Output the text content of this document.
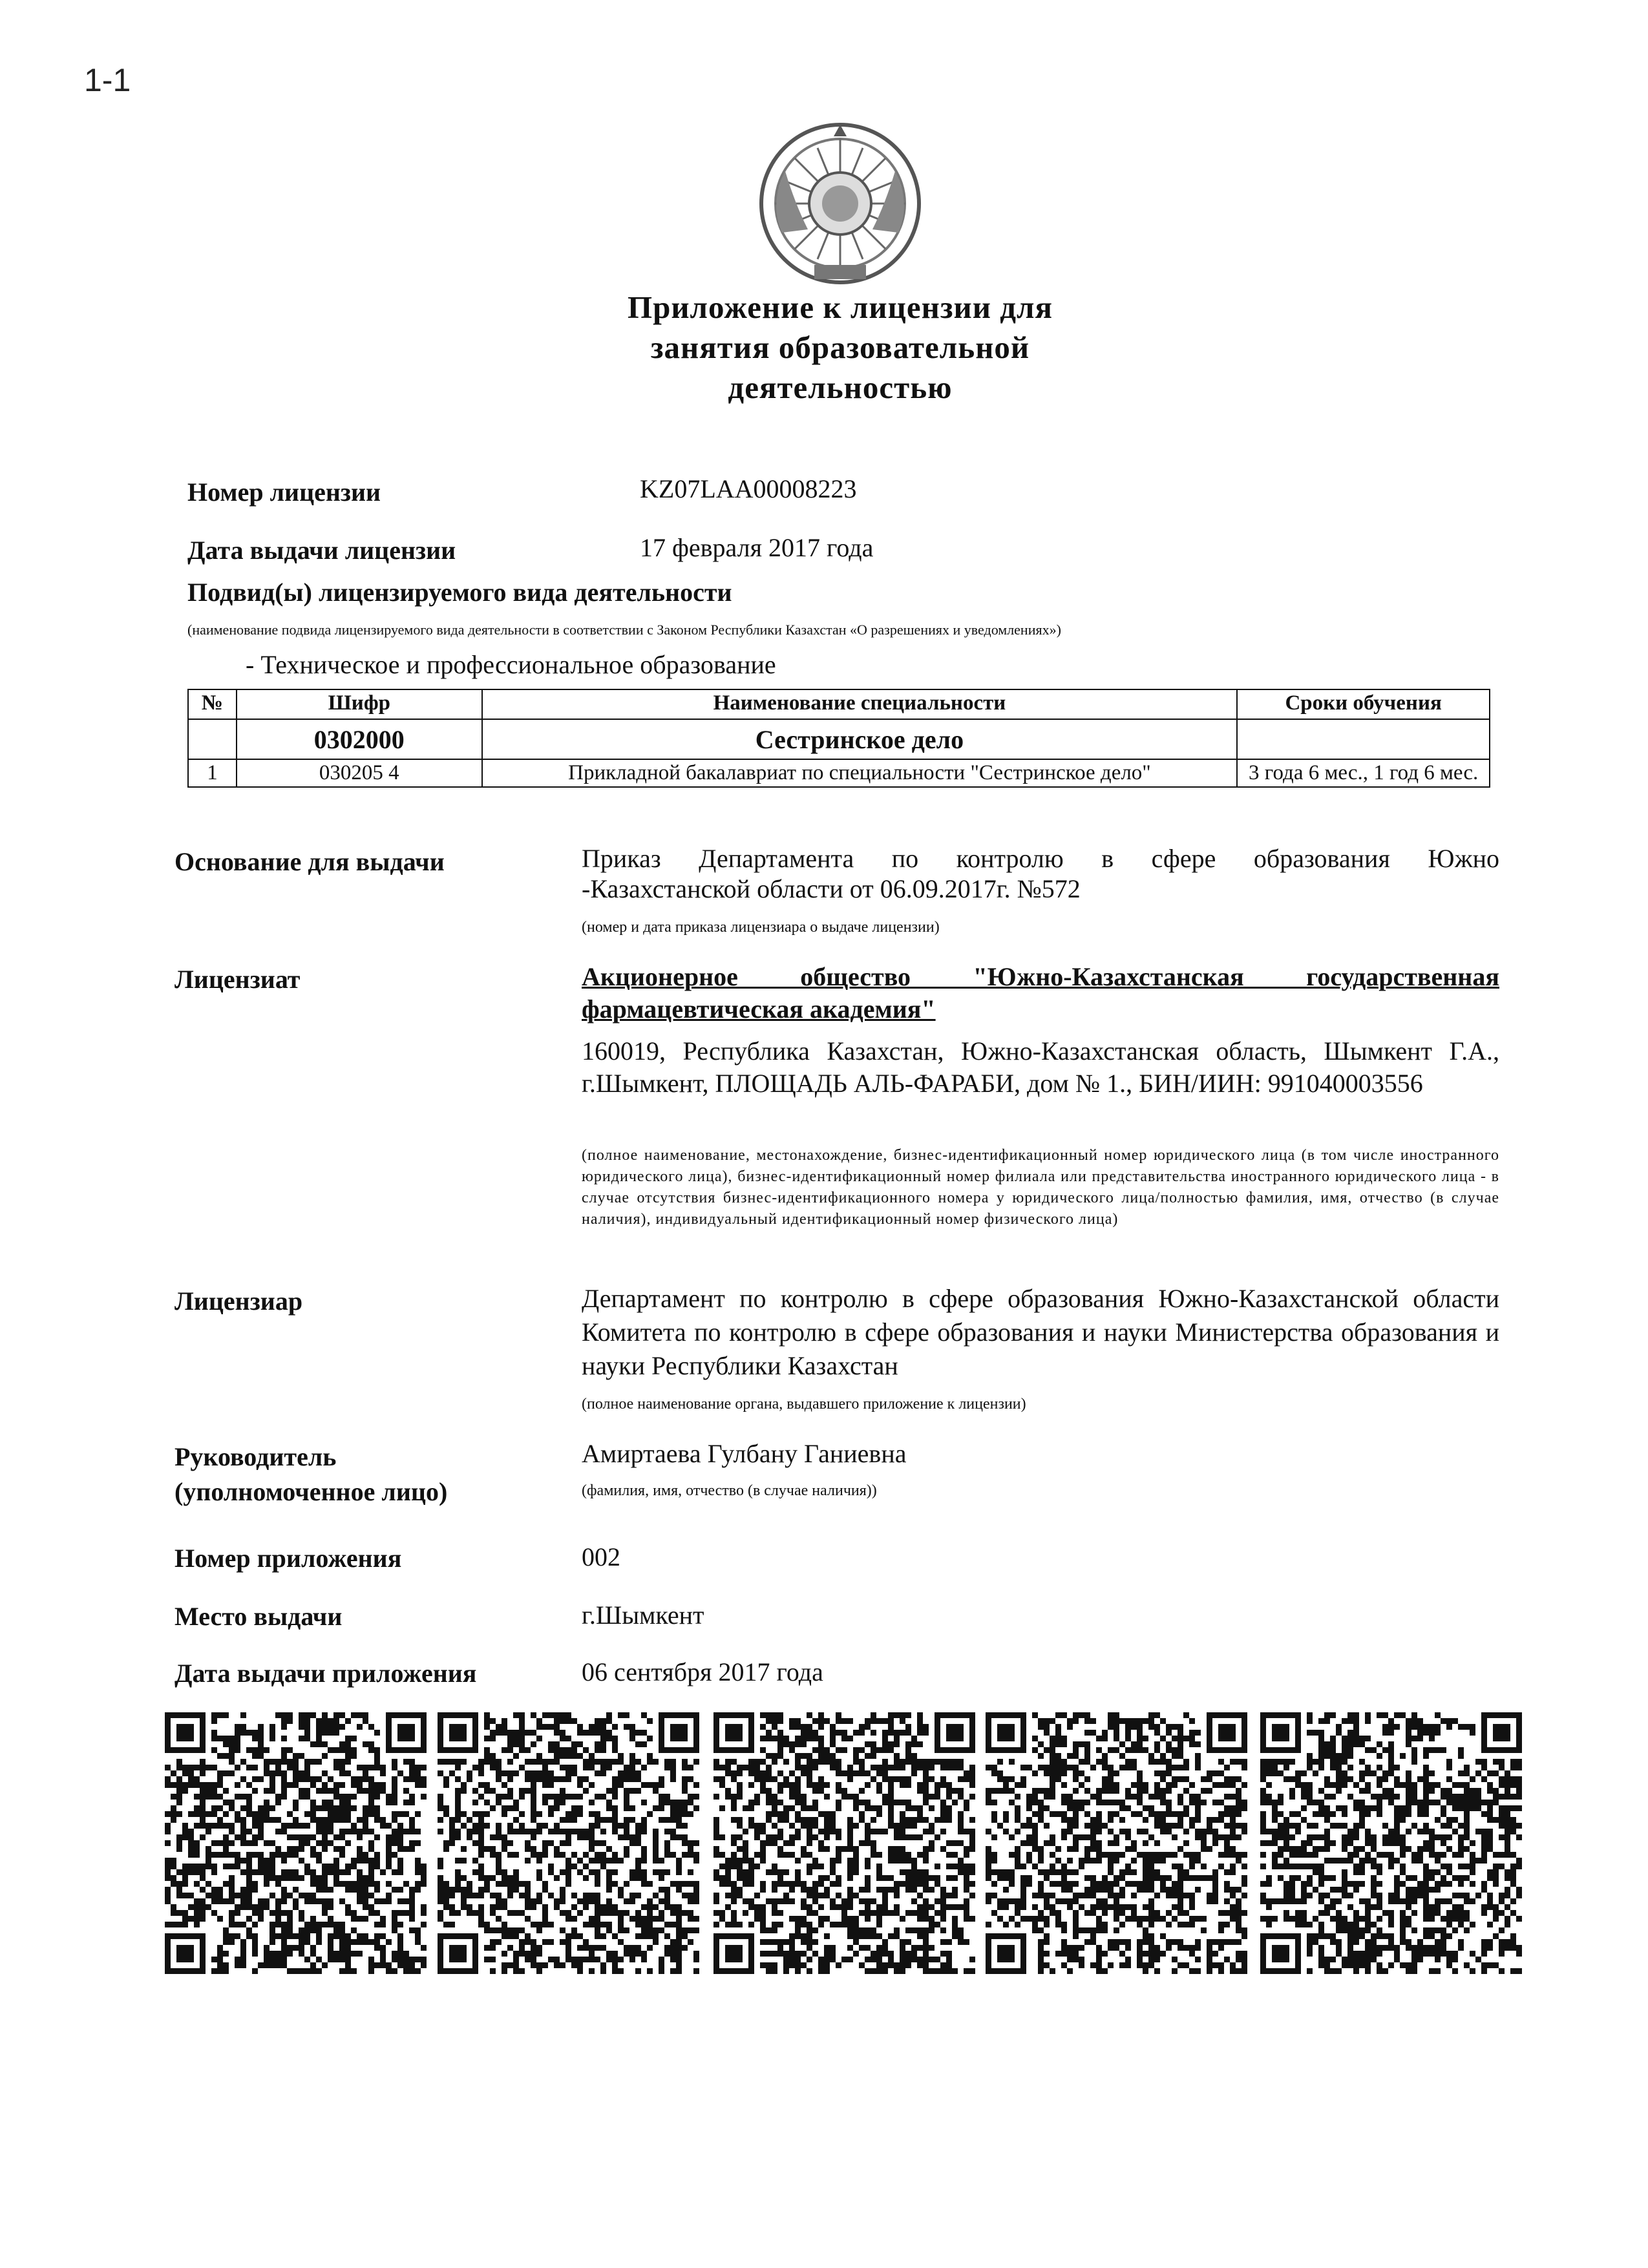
1-1
Приложение к лицензии для
занятия образовательной
деятельностью
Номер лицензии	KZ07LAA00008223
Дата выдачи лицензии	17 февраля 2017 года
Подвид(ы) лицензируемого вида деятельности
(наименование подвида лицензируемого вида деятельности в соответствии с Законом Республики Казахстан «О разрешениях и уведомлениях»)
- Техническое и профессиональное образование
№	Шифр	Наименование специальности	Сроки обучения
	0302000	Сестринское дело	
1	030205 4	Прикладной бакалавриат по специальности "Сестринское дело"	3 года 6 мес., 1 год 6 мес.
Основание для выдачи	Приказ Департамента по контролю в сфере образования Южно
-Казахстанской области от 06.09.2017г. №572
(номер и дата приказа лицензиара о выдаче лицензии)
Лицензиат	Акционерное общество "Южно-Казахстанская государственная фармацевтическая академия"
160019, Республика Казахстан, Южно-Казахстанская область, Шымкент Г.А., г.Шымкент, ПЛОЩАДЬ АЛЬ-ФАРАБИ, дом № 1., БИН/ИИН: 991040003556
(полное наименование, местонахождение, бизнес-идентификационный номер юридического лица (в том числе иностранного юридического лица), бизнес-идентификационный номер филиала или представительства иностранного юридического лица - в случае отсутствия бизнес-идентификационного номера у юридического лица/полностью фамилия, имя, отчество (в случае наличия), индивидуальный идентификационный номер физического лица)
Лицензиар	Департамент по контролю в сфере образования Южно-Казахстанской области Комитета по контролю в сфере образования и науки Министерства образования и науки Республики Казахстан
(полное наименование органа, выдавшего приложение к лицензии)
Руководитель
(уполномоченное лицо)
Амиртаева Гулбану Ганиевна
(фамилия, имя, отчество (в случае наличия))
Номер приложения	002
Место выдачи	г.Шымкент
Дата выдачи приложения	06 сентября 2017 года
